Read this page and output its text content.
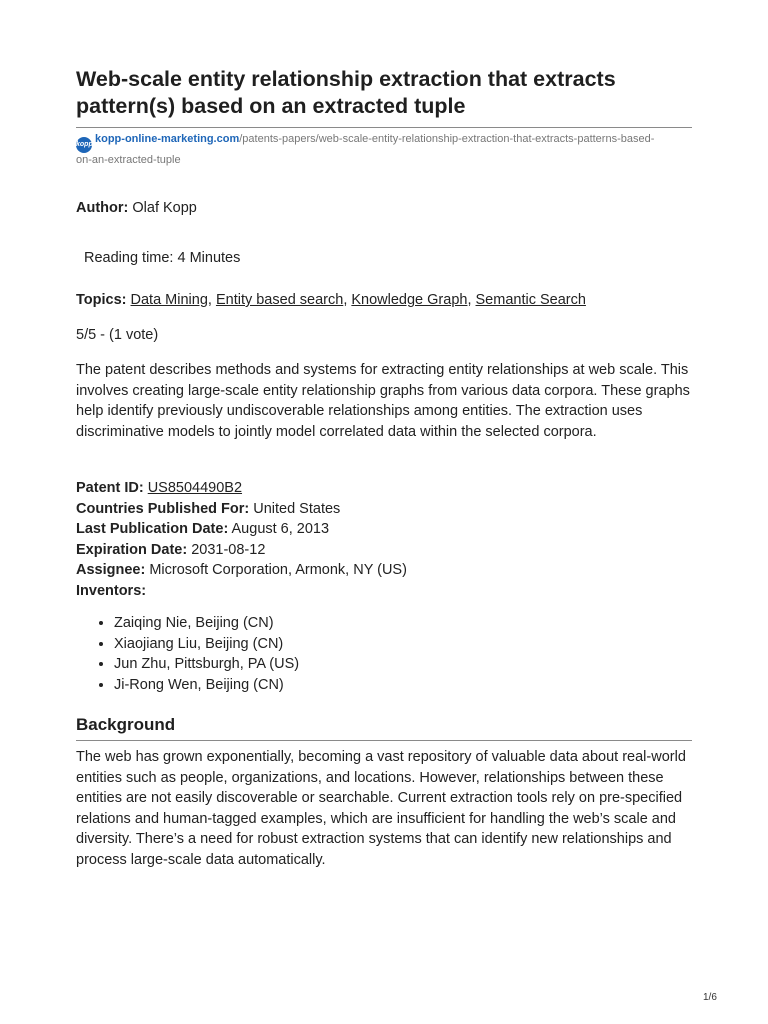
Web-scale entity relationship extraction that extracts pattern(s) based on an extracted tuple
kopp kopp-online-marketing.com/patents-papers/web-scale-entity-relationship-extraction-that-extracts-patterns-based-
on-an-extracted-tuple
Author: Olaf Kopp
Reading time: 4 Minutes
Topics: Data Mining, Entity based search, Knowledge Graph, Semantic Search
5/5 - (1 vote)

The patent describes methods and systems for extracting entity relationships at web scale. This involves creating large-scale entity relationship graphs from various data corpora. These graphs help identify previously undiscoverable relationships among entities. The extraction uses discriminative models to jointly model correlated data within the selected corpora.

Patent ID: US8504490B2
Countries Published For: United States
Last Publication Date: August 6, 2013
Expiration Date: 2031-08-12
Assignee: Microsoft Corporation, Armonk, NY (US)
Inventors:
• Zaiqing Nie, Beijing (CN)
• Xiaojiang Liu, Beijing (CN)
• Jun Zhu, Pittsburgh, PA (US)
• Ji-Rong Wen, Beijing (CN)
Background

The web has grown exponentially, becoming a vast repository of valuable data about real-world entities such as people, organizations, and locations. However, relationships between these entities are not easily discoverable or searchable. Current extraction tools rely on pre-specified relations and human-tagged examples, which are insufficient for handling the web’s scale and diversity. There’s a need for robust extraction systems that can identify new relationships and process large-scale data automatically.

1/6
